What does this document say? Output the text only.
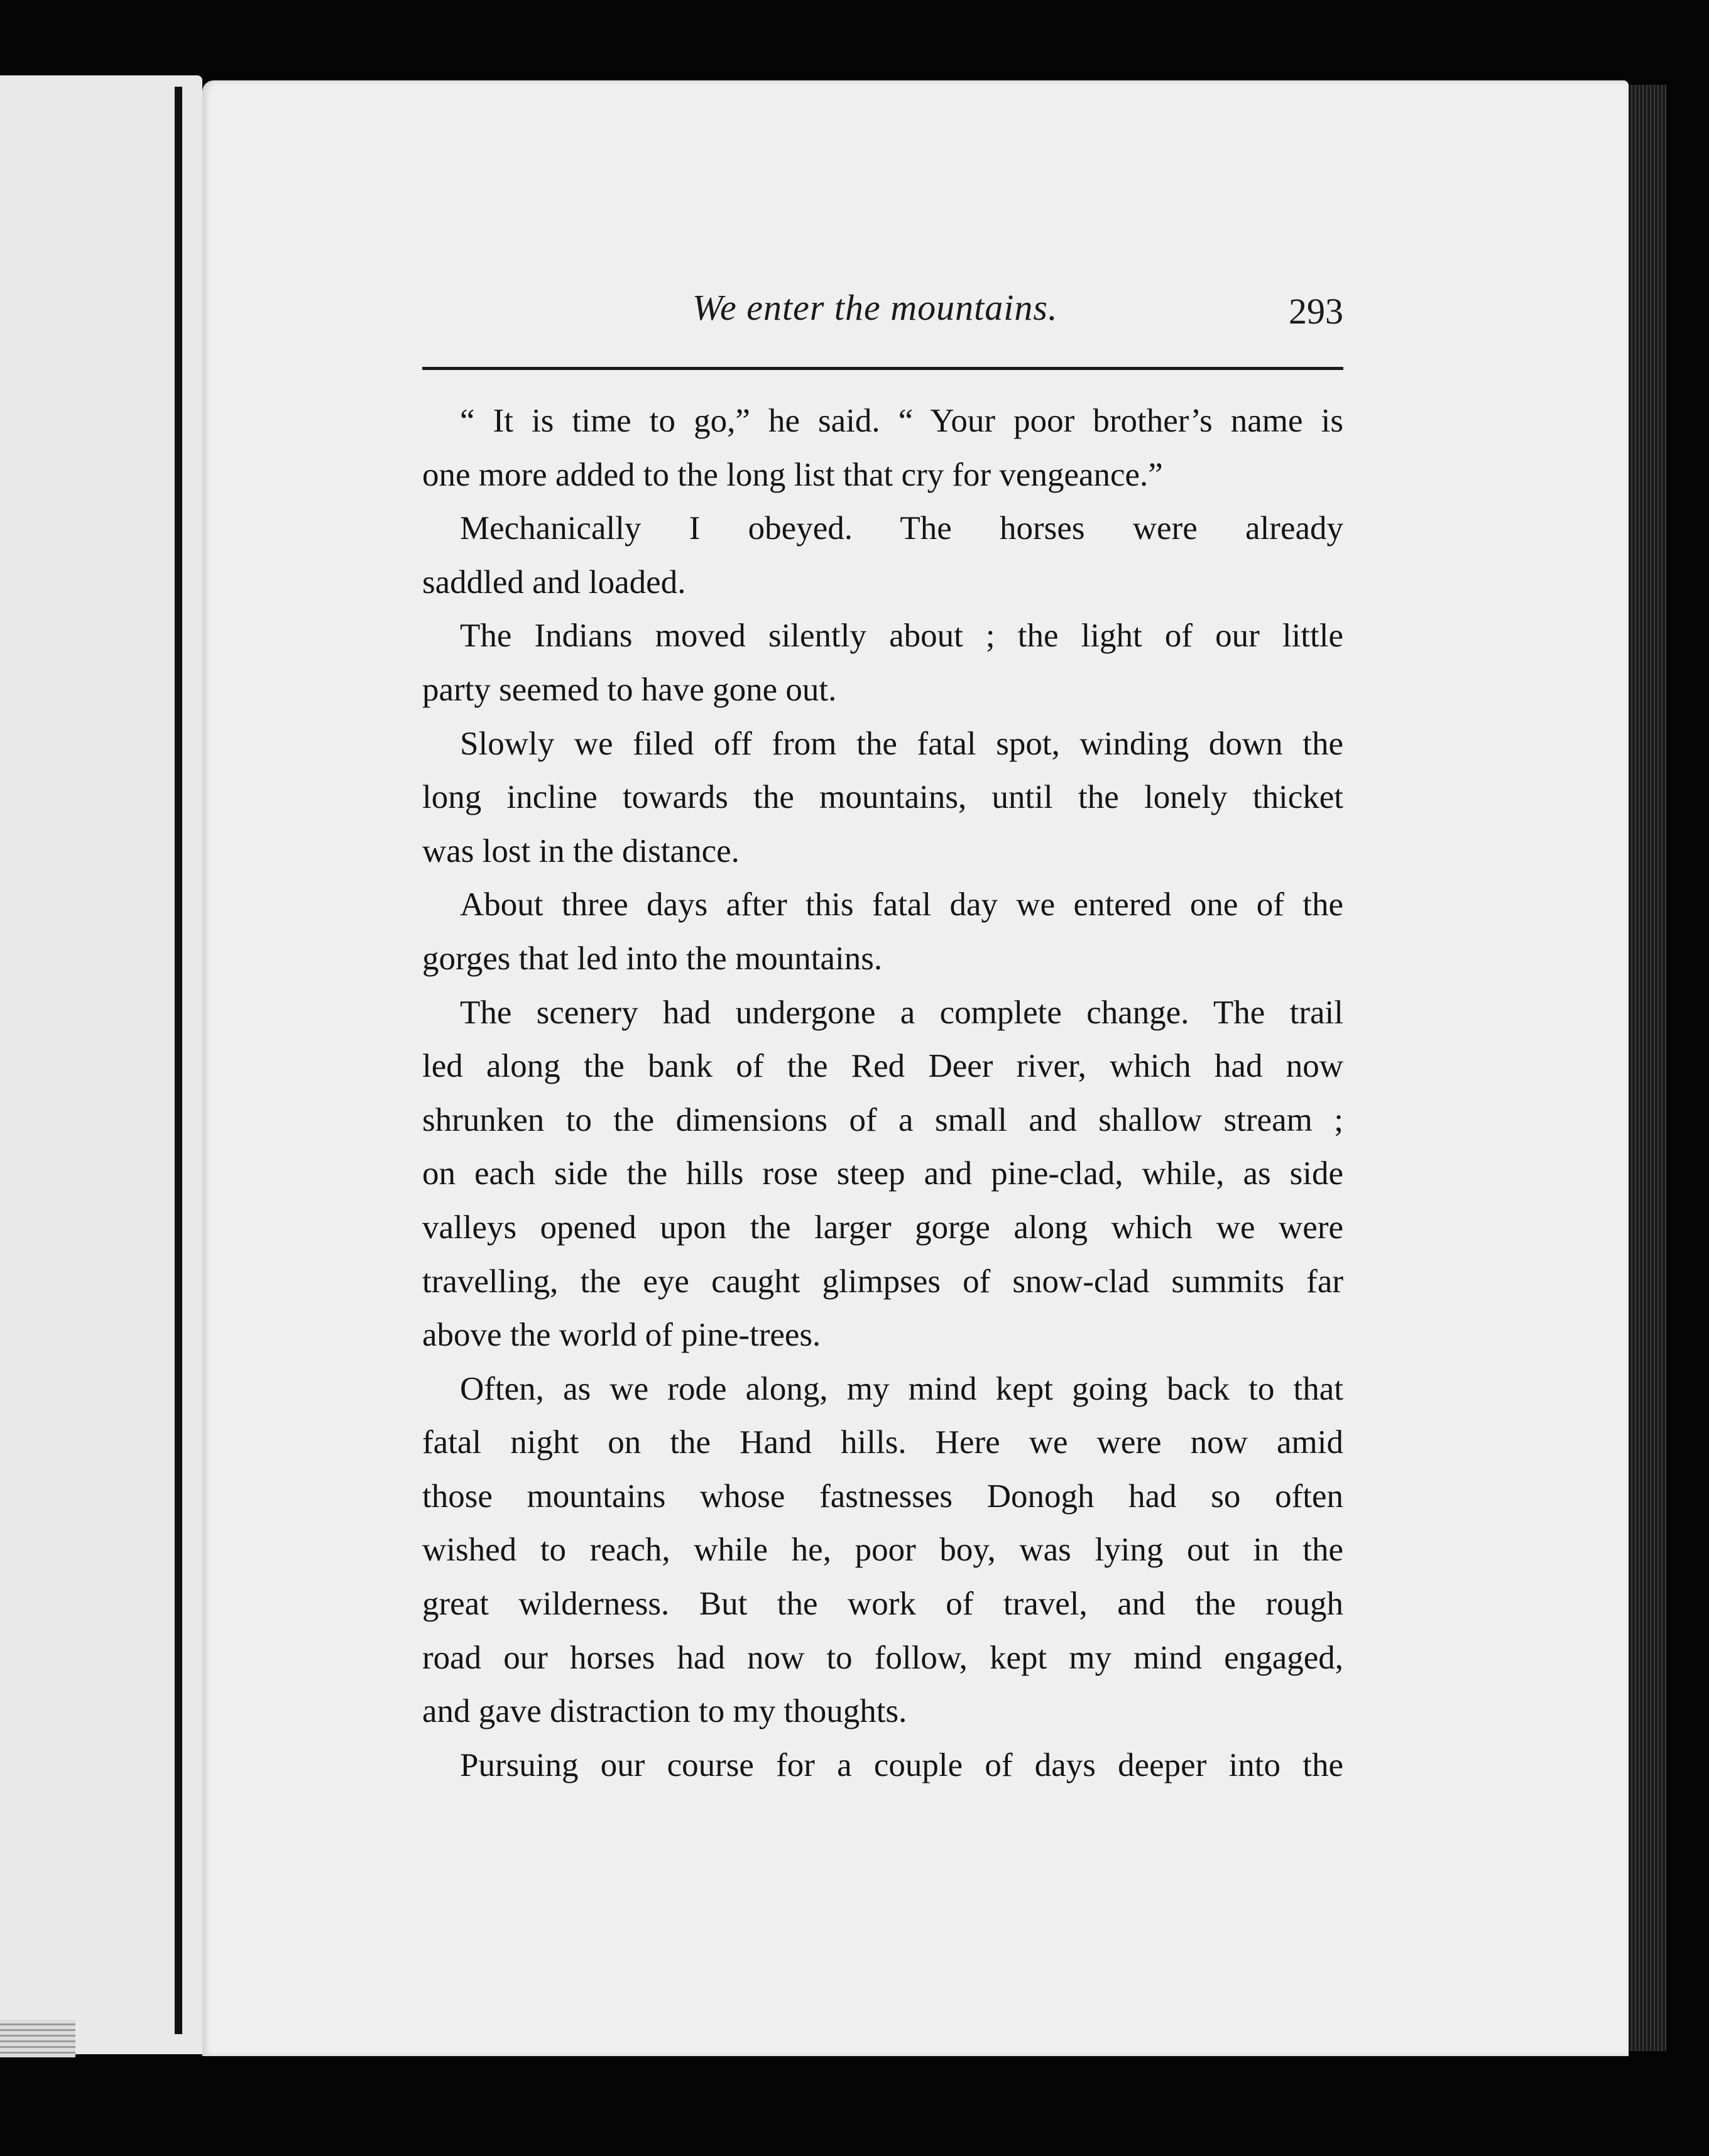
We enter the mountains.	293
“ It is time to go,” he said. “ Your poor brother’s name is
one more added to the long list that cry for vengeance.”
Mechanically I obeyed. The horses were already
saddled and loaded.
The Indians moved silently about ; the light of our little
party seemed to have gone out.
Slowly we filed off from the fatal spot, winding down the
long incline towards the mountains, until the lonely thicket
was lost in the distance.
About three days after this fatal day we entered one of the
gorges that led into the mountains.
The scenery had undergone a complete change. The trail
led along the bank of the Red Deer river, which had now
shrunken to the dimensions of a small and shallow stream ;
on each side the hills rose steep and pine-clad, while, as side
valleys opened upon the larger gorge along which we were
travelling, the eye caught glimpses of snow-clad summits far
above the world of pine-trees.
Often, as we rode along, my mind kept going back to that
fatal night on the Hand hills. Here we were now amid
those mountains whose fastnesses Donogh had so often
wished to reach, while he, poor boy, was lying out in the
great wilderness. But the work of travel, and the rough
road our horses had now to follow, kept my mind engaged,
and gave distraction to my thoughts.
Pursuing our course for a couple of days deeper into the
